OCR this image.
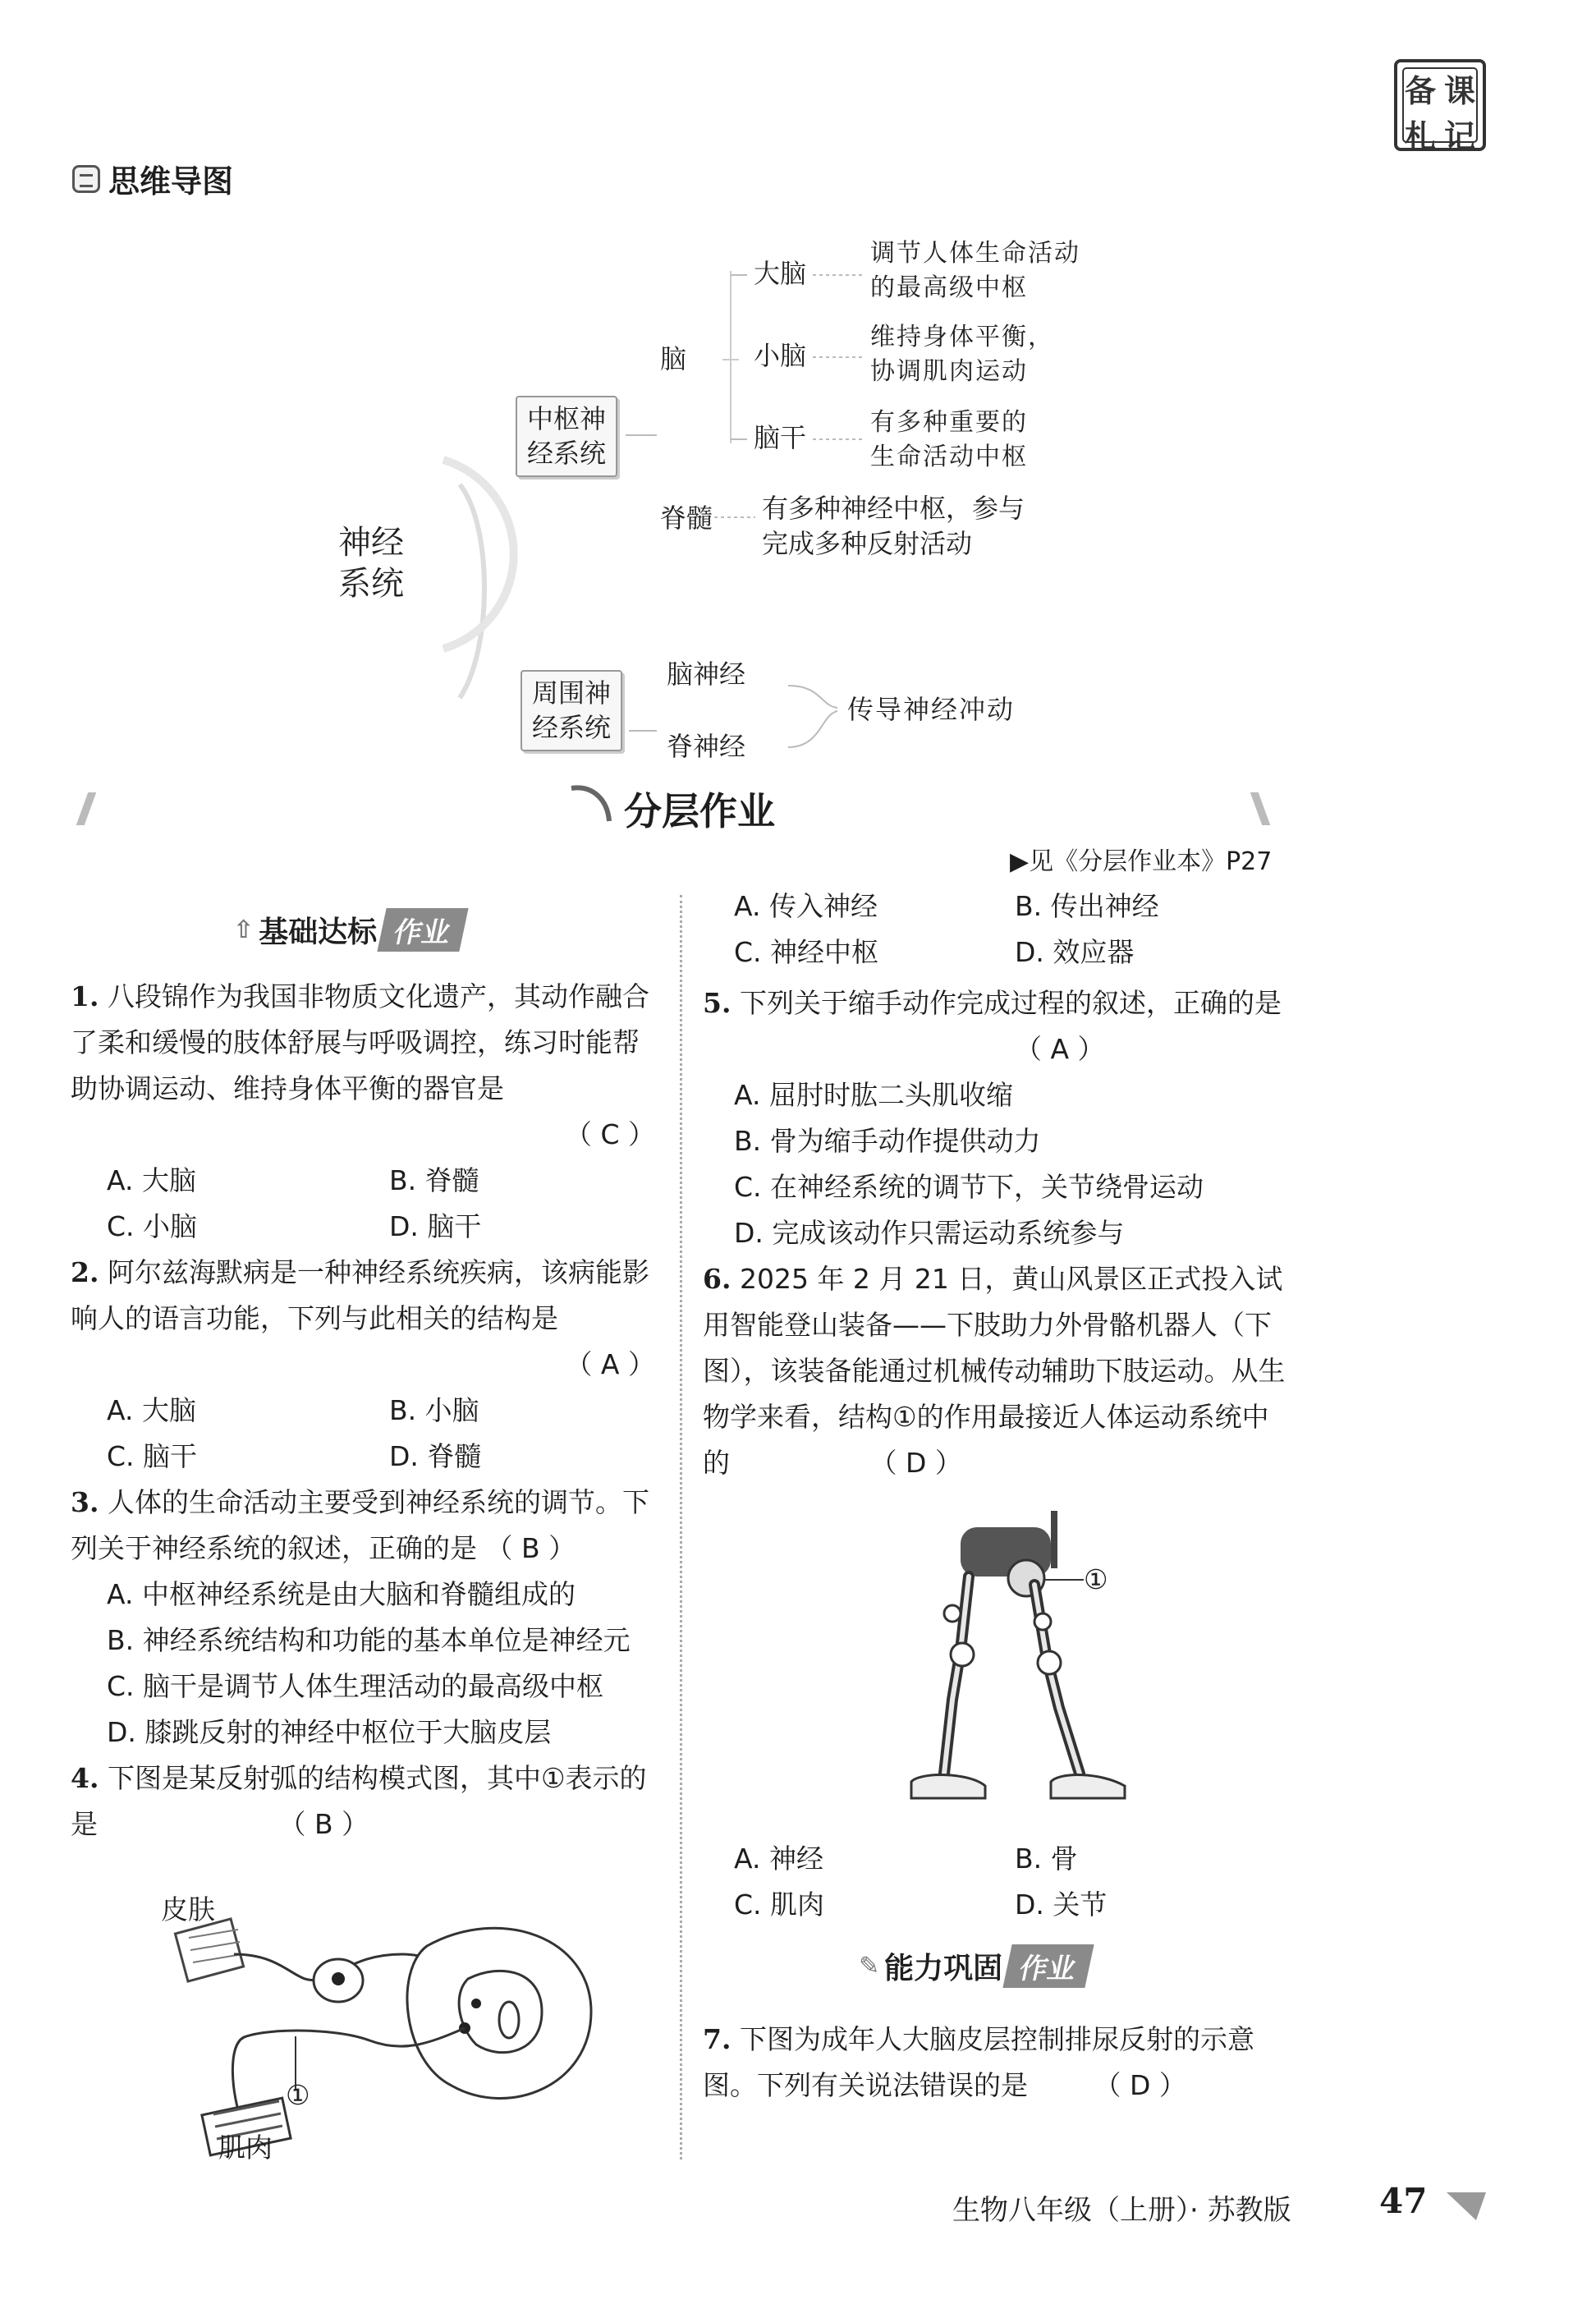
备 课
札 记
思维导图
神经
系统
中枢神
经系统
周围神
经系统
脑
脊髓
大脑
小脑
脑干
调节人体生命活动
的最高级中枢
维持身体平衡，
协调肌肉运动
有多种重要的
生命活动中枢
有多种神经中枢，参与
完成多种反射活动
脑神经
脊神经
传导神经冲动
分层作业
▶见《分层作业本》P27
⇧ 基础达标 作业
1. 八段锦作为我国非物质文化遗产，其动作融合了柔和缓慢的肢体舒展与呼吸调控，练习时能帮助协调运动、维持身体平衡的器官是
（ C ）
A. 大脑	B. 脊髓
C. 小脑	D. 脑干
2. 阿尔兹海默病是一种神经系统疾病，该病能影响人的语言功能，下列与此相关的结构是
（ A ）
A. 大脑	B. 小脑
C. 脑干	D. 脊髓
3. 人体的生命活动主要受到神经系统的调节。下列关于神经系统的叙述，正确的是 （ B ）
A. 中枢神经系统是由大脑和脊髓组成的
B. 神经系统结构和功能的基本单位是神经元
C. 脑干是调节人体生理活动的最高级中枢
D. 膝跳反射的神经中枢位于大脑皮层
4. 下图是某反射弧的结构模式图，其中①表示的是	（ B ）
皮肤
肌肉
①
A. 传入神经	B. 传出神经
C. 神经中枢	D. 效应器
5. 下列关于缩手动作完成过程的叙述，正确的是 （ A ）
A. 屈肘时肱二头肌收缩
B. 骨为缩手动作提供动力
C. 在神经系统的调节下，关节绕骨运动
D. 完成该动作只需运动系统参与
6. 2025 年 2 月 21 日，黄山风景区正式投入试用智能登山装备——下肢助力外骨骼机器人（下图），该装备能通过机械传动辅助下肢运动。从生物学来看，结构①的作用最接近人体运动系统中的	（ D ）
①
A. 神经	B. 骨
C. 肌肉	D. 关节
✎ 能力巩固 作业
7. 下图为成年人大脑皮层控制排尿反射的示意图。下列有关说法错误的是 （ D ）
生物八年级（上册）· 苏教版	47
